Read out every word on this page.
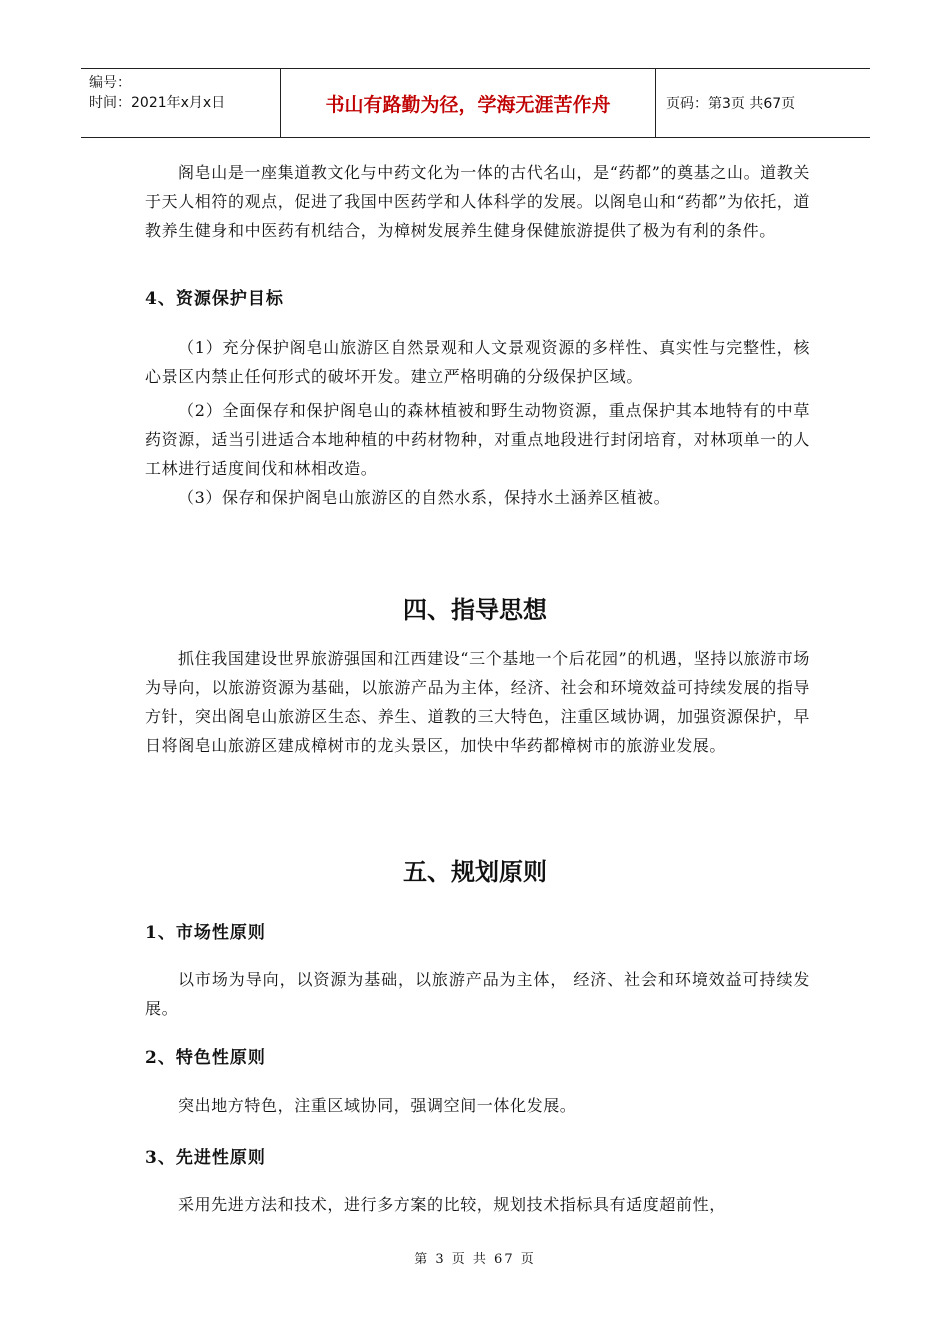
编号：
时间：2021年x月x日	书山有路勤为径，学海无涯苦作舟	页码：第3页 共67页

阁皂山是一座集道教文化与中药文化为一体的古代名山，是“药都”的奠基之山。道教关于天人相符的观点，促进了我国中医药学和人体科学的发展。以阁皂山和“药都”为依托，道教养生健身和中医药有机结合，为樟树发展养生健身保健旅游提供了极为有利的条件。

4、资源保护目标

（1）充分保护阁皂山旅游区自然景观和人文景观资源的多样性、真实性与完整性，核心景区内禁止任何形式的破坏开发。建立严格明确的分级保护区域。

（2）全面保存和保护阁皂山的森林植被和野生动物资源，重点保护其本地特有的中草药资源，适当引进适合本地种植的中药材物种，对重点地段进行封闭培育，对林项单一的人工林进行适度间伐和林相改造。

（3）保存和保护阁皂山旅游区的自然水系，保持水土涵养区植被。

四、指导思想

抓住我国建设世界旅游强国和江西建设“三个基地一个后花园”的机遇，坚持以旅游市场为导向，以旅游资源为基础，以旅游产品为主体，经济、社会和环境效益可持续发展的指导方针，突出阁皂山旅游区生态、养生、道教的三大特色，注重区域协调，加强资源保护，早日将阁皂山旅游区建成樟树市的龙头景区，加快中华药都樟树市的旅游业发展。

五、规划原则

1、市场性原则

以市场为导向，以资源为基础，以旅游产品为主体， 经济、社会和环境效益可持续发展。

2、特色性原则

突出地方特色，注重区域协同，强调空间一体化发展。

3、先进性原则

采用先进方法和技术，进行多方案的比较，规划技术指标具有适度超前性，

第 3 页 共 67 页
